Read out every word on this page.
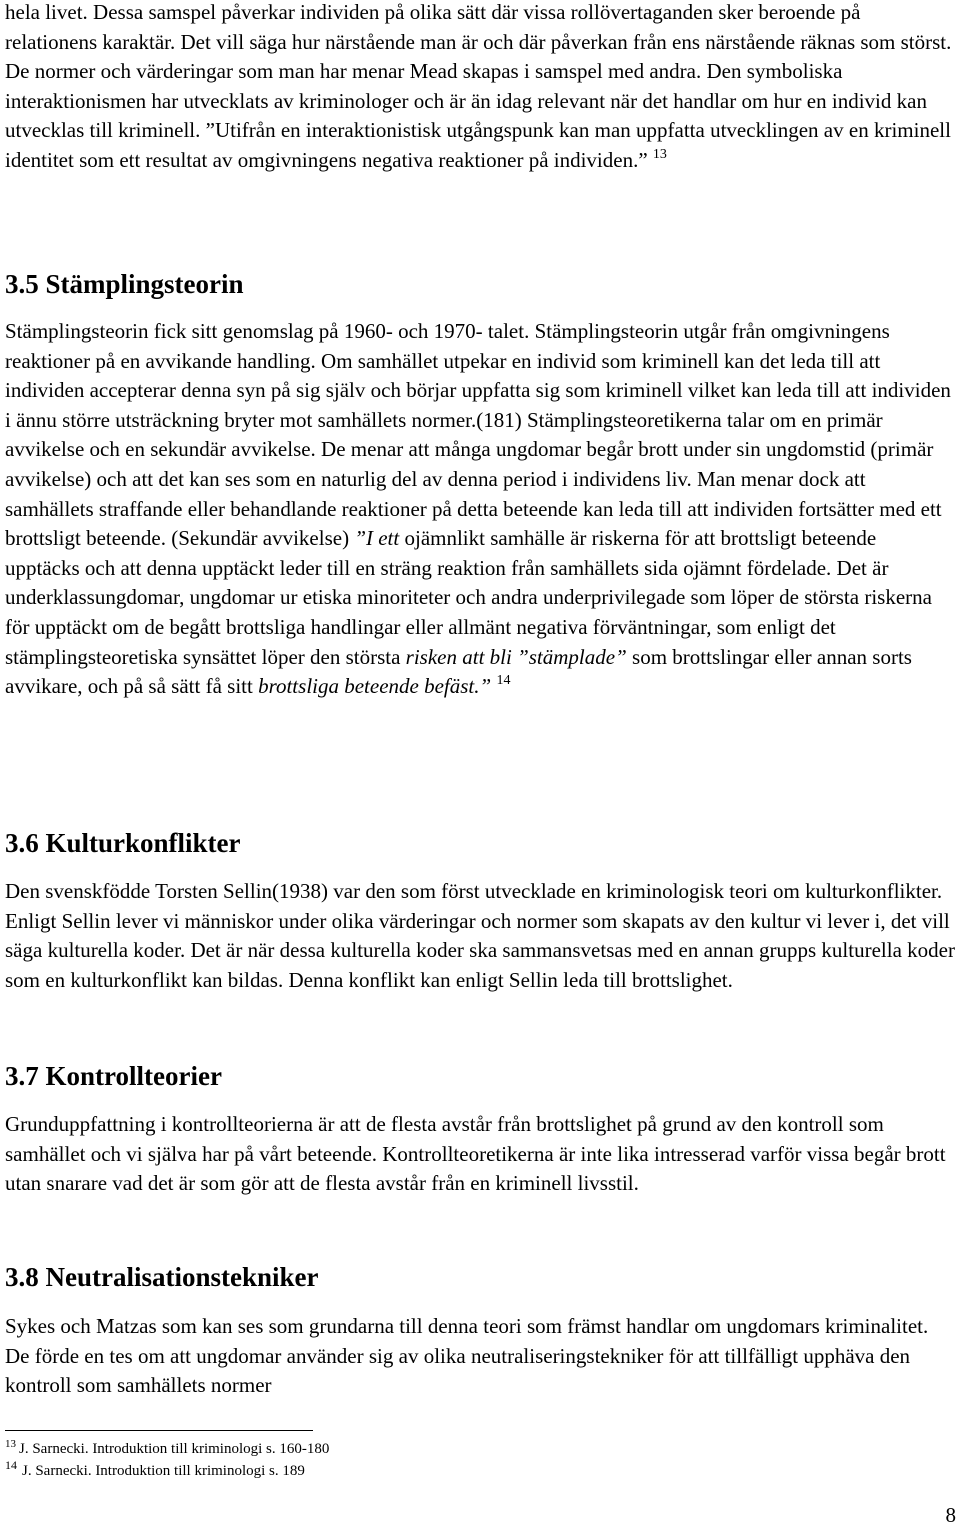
hela livet. Dessa samspel påverkar individen på olika sätt där vissa rollövertaganden sker beroende på relationens karaktär. Det vill säga hur närstående man är och där påverkan från ens närstående räknas som störst. De normer och värderingar som man har menar Mead skapas i samspel med andra. Den symboliska interaktionismen har utvecklats av kriminologer och är än idag relevant när det handlar om hur en individ kan utvecklas till kriminell. ”Utifrån en interaktionistisk utgångspunk kan man uppfatta utvecklingen av en kriminell identitet som ett resultat av omgivningens negativa reaktioner på individen.” $^{13}$

3.5 Stämplingsteorin

Stämplingsteorin fick sitt genomslag på 1960- och 1970- talet. Stämplingsteorin utgår från omgivningens reaktioner på en avvikande handling. Om samhället utpekar en individ som kriminell kan det leda till att individen accepterar denna syn på sig själv och börjar uppfatta sig som kriminell vilket kan leda till att individen i ännu större utsträckning bryter mot samhällets normer.(181) Stämplingsteoretikerna talar om en primär avvikelse och en sekundär avvikelse. De menar att många ungdomar begår brott under sin ungdomstid (primär avvikelse) och att det kan ses som en naturlig del av denna period i individens liv. Man menar dock att samhällets straffande eller behandlande reaktioner på detta beteende kan leda till att individen fortsätter med ett brottsligt beteende. (Sekundär avvikelse) ”I ett ojämnlikt samhälle är riskerna för att brottsligt beteende upptäcks och att denna upptäckt leder till en sträng reaktion från samhällets sida ojämnt fördelade. Det är underklassungdomar, ungdomar ur etiska minoriteter och andra underprivilegade som löper de största riskerna för upptäckt om de begått brottsliga handlingar eller allmänt negativa förväntningar, som enligt det stämplingsteoretiska synsättet löper den största risken att bli ”stämplade” som brottslingar eller annan sorts avvikare, och på så sätt få sitt brottsliga beteende befäst.” $^{14}$

3.6 Kulturkonflikter

Den svenskfödde Torsten Sellin(1938) var den som först utvecklade en kriminologisk teori om kulturkonflikter. Enligt Sellin lever vi människor under olika värderingar och normer som skapats av den kultur vi lever i, det vill säga kulturella koder. Det är när dessa kulturella koder ska sammansvetsas med en annan grupps kulturella koder som en kulturkonflikt kan bildas. Denna konflikt kan enligt Sellin leda till brottslighet.

3.7 Kontrollteorier

Grunduppfattning i kontrollteorierna är att de flesta avstår från brottslighet på grund av den kontroll som samhället och vi själva har på vårt beteende. Kontrollteoretikerna är inte lika intresserad varför vissa begår brott utan snarare vad det är som gör att de flesta avstår från en kriminell livsstil.

3.8 Neutralisationstekniker

Sykes och Matzas som kan ses som grundarna till denna teori som främst handlar om ungdomars kriminalitet. De förde en tes om att ungdomar använder sig av olika neutraliseringstekniker för att tillfälligt upphäva den kontroll som samhällets normer

$^{13}$ J. Sarnecki. Introduktion till kriminologi s. 160-180

$^{14}$ J. Sarnecki. Introduktion till kriminologi s. 189

8
